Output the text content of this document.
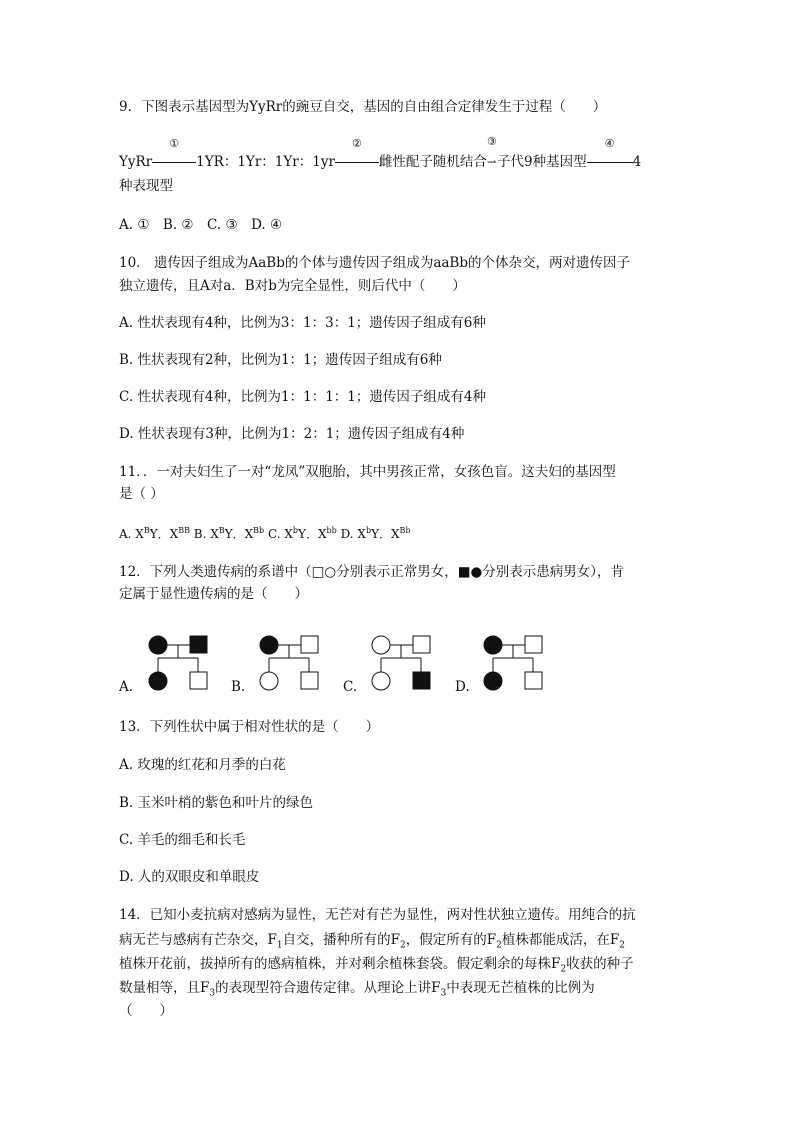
9．下图表示基因型为YyRr的豌豆自交，基因的自由组合定律发生于过程（　　）
YyRr
①
1YR：1Yr：1Yr：1yr
②
雌性配子随机结合
③
⇀子代9种基因型
④
4
种表现型
A. ①　B. ②　C. ③　D. ④
10． 遗传因子组成为AaBb的个体与遗传因子组成为aaBb的个体杂交，两对遗传因子
独立遗传，且A对a．B对b为完全显性，则后代中（　　）
A. 性状表现有4种，比例为3：1：3：1；遗传因子组成有6种
B. 性状表现有2种，比例为1：1；遗传因子组成有6种
C. 性状表现有4种，比例为1：1：1：1；遗传因子组成有4种
D. 性状表现有3种，比例为1：2：1；遗传因子组成有4种
11．．一对夫妇生了一对“龙凤”双胞胎，其中男孩正常，女孩色盲。这夫妇的基因型
是（ ）
A. $X^BY$．$X^{BB}$ B. $X^BY$．$X^{Bb}$ C. $X^bY$．$X^{bb}$ D. $X^bY$．$X^{Bb}$
12．下列人类遗传病的系谱中（□○分别表示正常男女，■●分别表示患病男女），肯
定属于显性遗传病的是（　　）
A.	B.	C.	D.
13．下列性状中属于相对性状的是（　　）
A. 玫瑰的红花和月季的白花
B. 玉米叶梢的紫色和叶片的绿色
C. 羊毛的细毛和长毛
D. 人的双眼皮和单眼皮
14．已知小麦抗病对感病为显性，无芒对有芒为显性，两对性状独立遗传。用纯合的抗
病无芒与感病有芒杂交，$F_1$自交，播种所有的$F_2$，假定所有的$F_2$植株都能成活，在$F_2$
植株开花前，拔掉所有的感病植株，并对剩余植株套袋。假定剩余的每株$F_2$收获的种子
数量相等，且$F_3$的表现型符合遗传定律。从理论上讲$F_3$中表现无芒植株的比例为
（　　）
